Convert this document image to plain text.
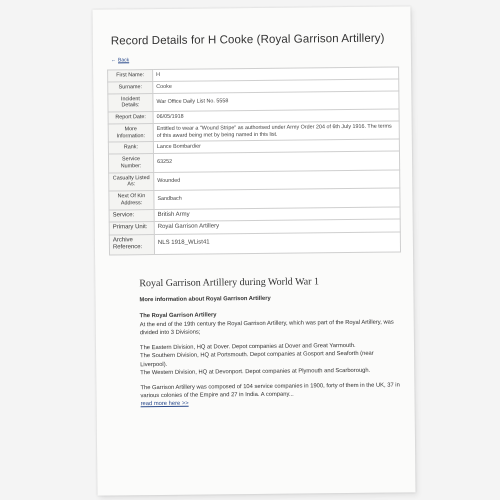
Record Details for H Cooke (Royal Garrison Artillery)
← Back
First Name:	H
Surname:	Cooke
Incident Details:	War Office Daily List No. 5558
Report Date:	06/05/1918
More Information:	Entitled to wear a "Wound Stripe" as authorised under Army Order 204 of 6th July 1916. The terms of this award being met by being named in this list.
Rank:	Lance Bombardier
Service Number:	63252
Casualty Listed As:	Wounded
Next Of Kin Address:	Sandbach
Service:	British Army
Primary Unit:	Royal Garrison Artillery
Archive Reference:	NLS 1918_WList41
Royal Garrison Artillery during World War 1
More information about Royal Garrison Artillery
The Royal Garrison Artillery

At the end of the 19th century the Royal Garrison Artillery, which was part of the Royal Artillery, was divided into 3 Divisions;

The Eastern Division, HQ at Dover. Depot companies at Dover and Great Yarmouth.
The Southern Division, HQ at Portsmouth. Depot companies at Gosport and Seaforth (near Liverpool).
The Western Division, HQ at Devonport. Depot companies at Plymouth and Scarborough.

The Garrison Artillery was composed of 104 service companies in 1900, forty of them in the UK, 37 in various colonies of the Empire and 27 in India. A company...

read more here >>
